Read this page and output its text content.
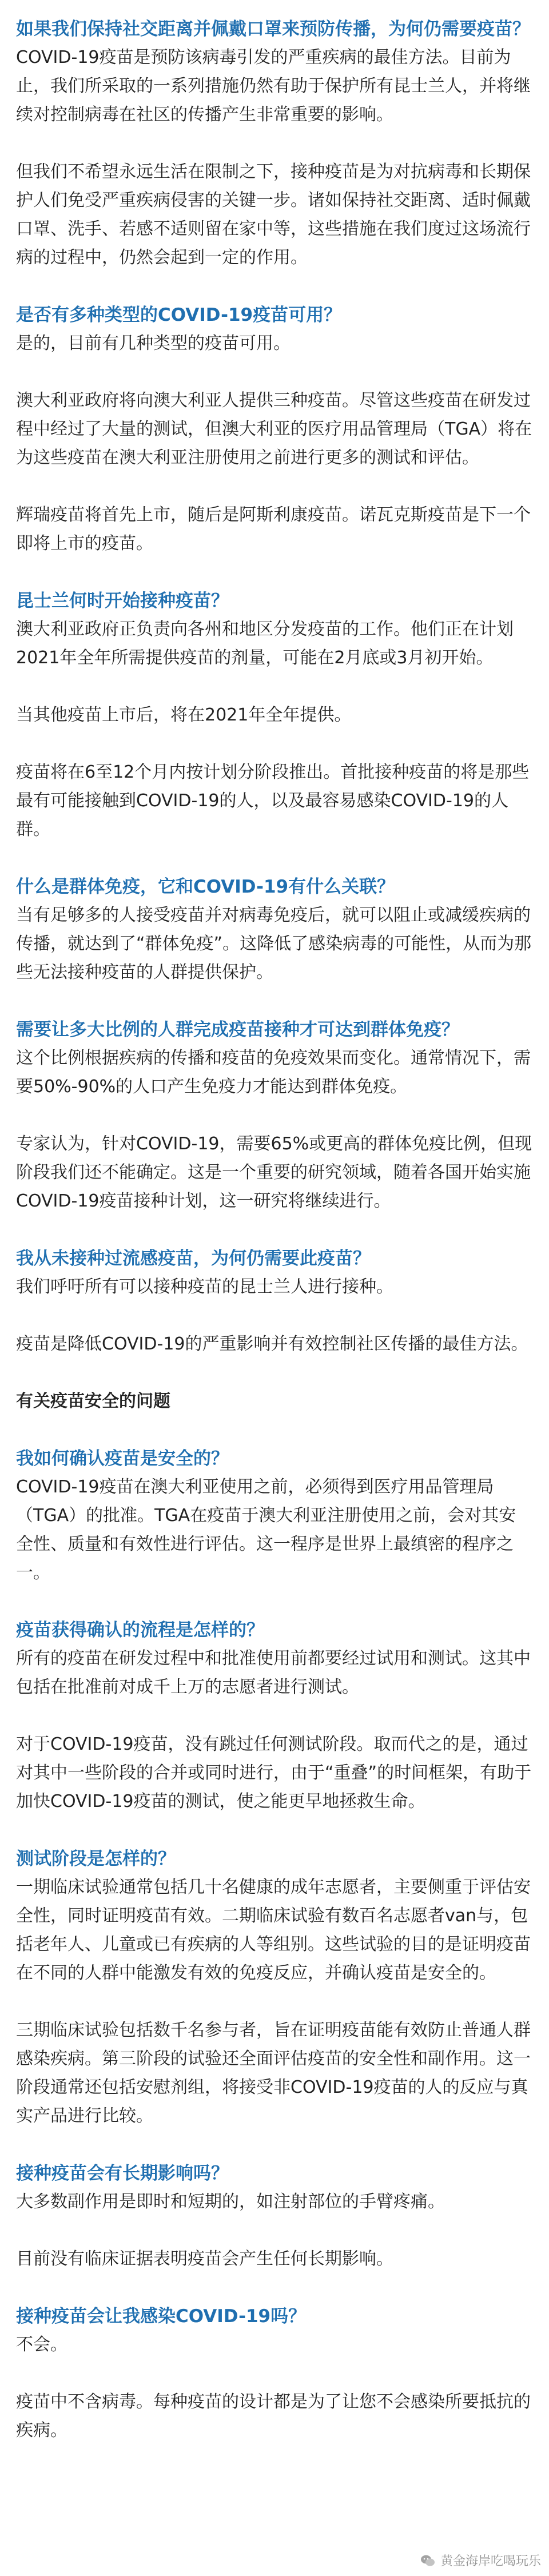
如果我们保持社交距离并佩戴口罩来预防传播，为何仍需要疫苗？

COVID-19疫苗是预防该病毒引发的严重疾病的最佳方法。目前为止，我们所采取的一系列措施仍然有助于保护所有昆士兰人，并将继续对控制病毒在社区的传播产生非常重要的影响。

但我们不希望永远生活在限制之下，接种疫苗是为对抗病毒和长期保护人们免受严重疾病侵害的关键一步。诸如保持社交距离、适时佩戴口罩、洗手、若感不适则留在家中等，这些措施在我们度过这场流行病的过程中，仍然会起到一定的作用。

是否有多种类型的COVID-19疫苗可用？

是的，目前有几种类型的疫苗可用。

澳大利亚政府将向澳大利亚人提供三种疫苗。尽管这些疫苗在研发过程中经过了大量的测试，但澳大利亚的医疗用品管理局（TGA）将在为这些疫苗在澳大利亚注册使用之前进行更多的测试和评估。

辉瑞疫苗将首先上市，随后是阿斯利康疫苗。诺瓦克斯疫苗是下一个即将上市的疫苗。

昆士兰何时开始接种疫苗？

澳大利亚政府正负责向各州和地区分发疫苗的工作。他们正在计划2021年全年所需提供疫苗的剂量，可能在2月底或3月初开始。

当其他疫苗上市后，将在2021年全年提供。

疫苗将在6至12个月内按计划分阶段推出。首批接种疫苗的将是那些最有可能接触到COVID-19的人，以及最容易感染COVID-19的人群。

什么是群体免疫，它和COVID-19有什么关联？

当有足够多的人接受疫苗并对病毒免疫后，就可以阻止或减缓疾病的传播，就达到了“群体免疫”。这降低了感染病毒的可能性，从而为那些无法接种疫苗的人群提供保护。

需要让多大比例的人群完成疫苗接种才可达到群体免疫？

这个比例根据疾病的传播和疫苗的免疫效果而变化。通常情况下，需要50%-90%的人口产生免疫力才能达到群体免疫。

专家认为，针对COVID-19，需要65%或更高的群体免疫比例，但现阶段我们还不能确定。这是一个重要的研究领域，随着各国开始实施COVID-19疫苗接种计划，这一研究将继续进行。

我从未接种过流感疫苗，为何仍需要此疫苗？

我们呼吁所有可以接种疫苗的昆士兰人进行接种。

疫苗是降低COVID-19的严重影响并有效控制社区传播的最佳方法。

有关疫苗安全的问题

我如何确认疫苗是安全的？

COVID-19疫苗在澳大利亚使用之前，必须得到医疗用品管理局（TGA）的批准。TGA在疫苗于澳大利亚注册使用之前，会对其安全性、质量和有效性进行评估。这一程序是世界上最缜密的程序之一。

疫苗获得确认的流程是怎样的？

所有的疫苗在研发过程中和批准使用前都要经过试用和测试。这其中包括在批准前对成千上万的志愿者进行测试。

对于COVID-19疫苗，没有跳过任何测试阶段。取而代之的是，通过对其中一些阶段的合并或同时进行，由于“重叠”的时间框架，有助于加快COVID-19疫苗的测试，使之能更早地拯救生命。

测试阶段是怎样的？

一期临床试验通常包括几十名健康的成年志愿者，主要侧重于评估安全性，同时证明疫苗有效。二期临床试验有数百名志愿者van与，包括老年人、儿童或已有疾病的人等组别。这些试验的目的是证明疫苗在不同的人群中能激发有效的免疫反应，并确认疫苗是安全的。

三期临床试验包括数千名参与者，旨在证明疫苗能有效防止普通人群感染疾病。第三阶段的试验还全面评估疫苗的安全性和副作用。这一阶段通常还包括安慰剂组，将接受非COVID-19疫苗的人的反应与真实产品进行比较。

接种疫苗会有长期影响吗？

大多数副作用是即时和短期的，如注射部位的手臂疼痛。

目前没有临床证据表明疫苗会产生任何长期影响。

接种疫苗会让我感染COVID-19吗？

不会。

疫苗中不含病毒。每种疫苗的设计都是为了让您不会感染所要抵抗的疾病。

黄金海岸吃喝玩乐
